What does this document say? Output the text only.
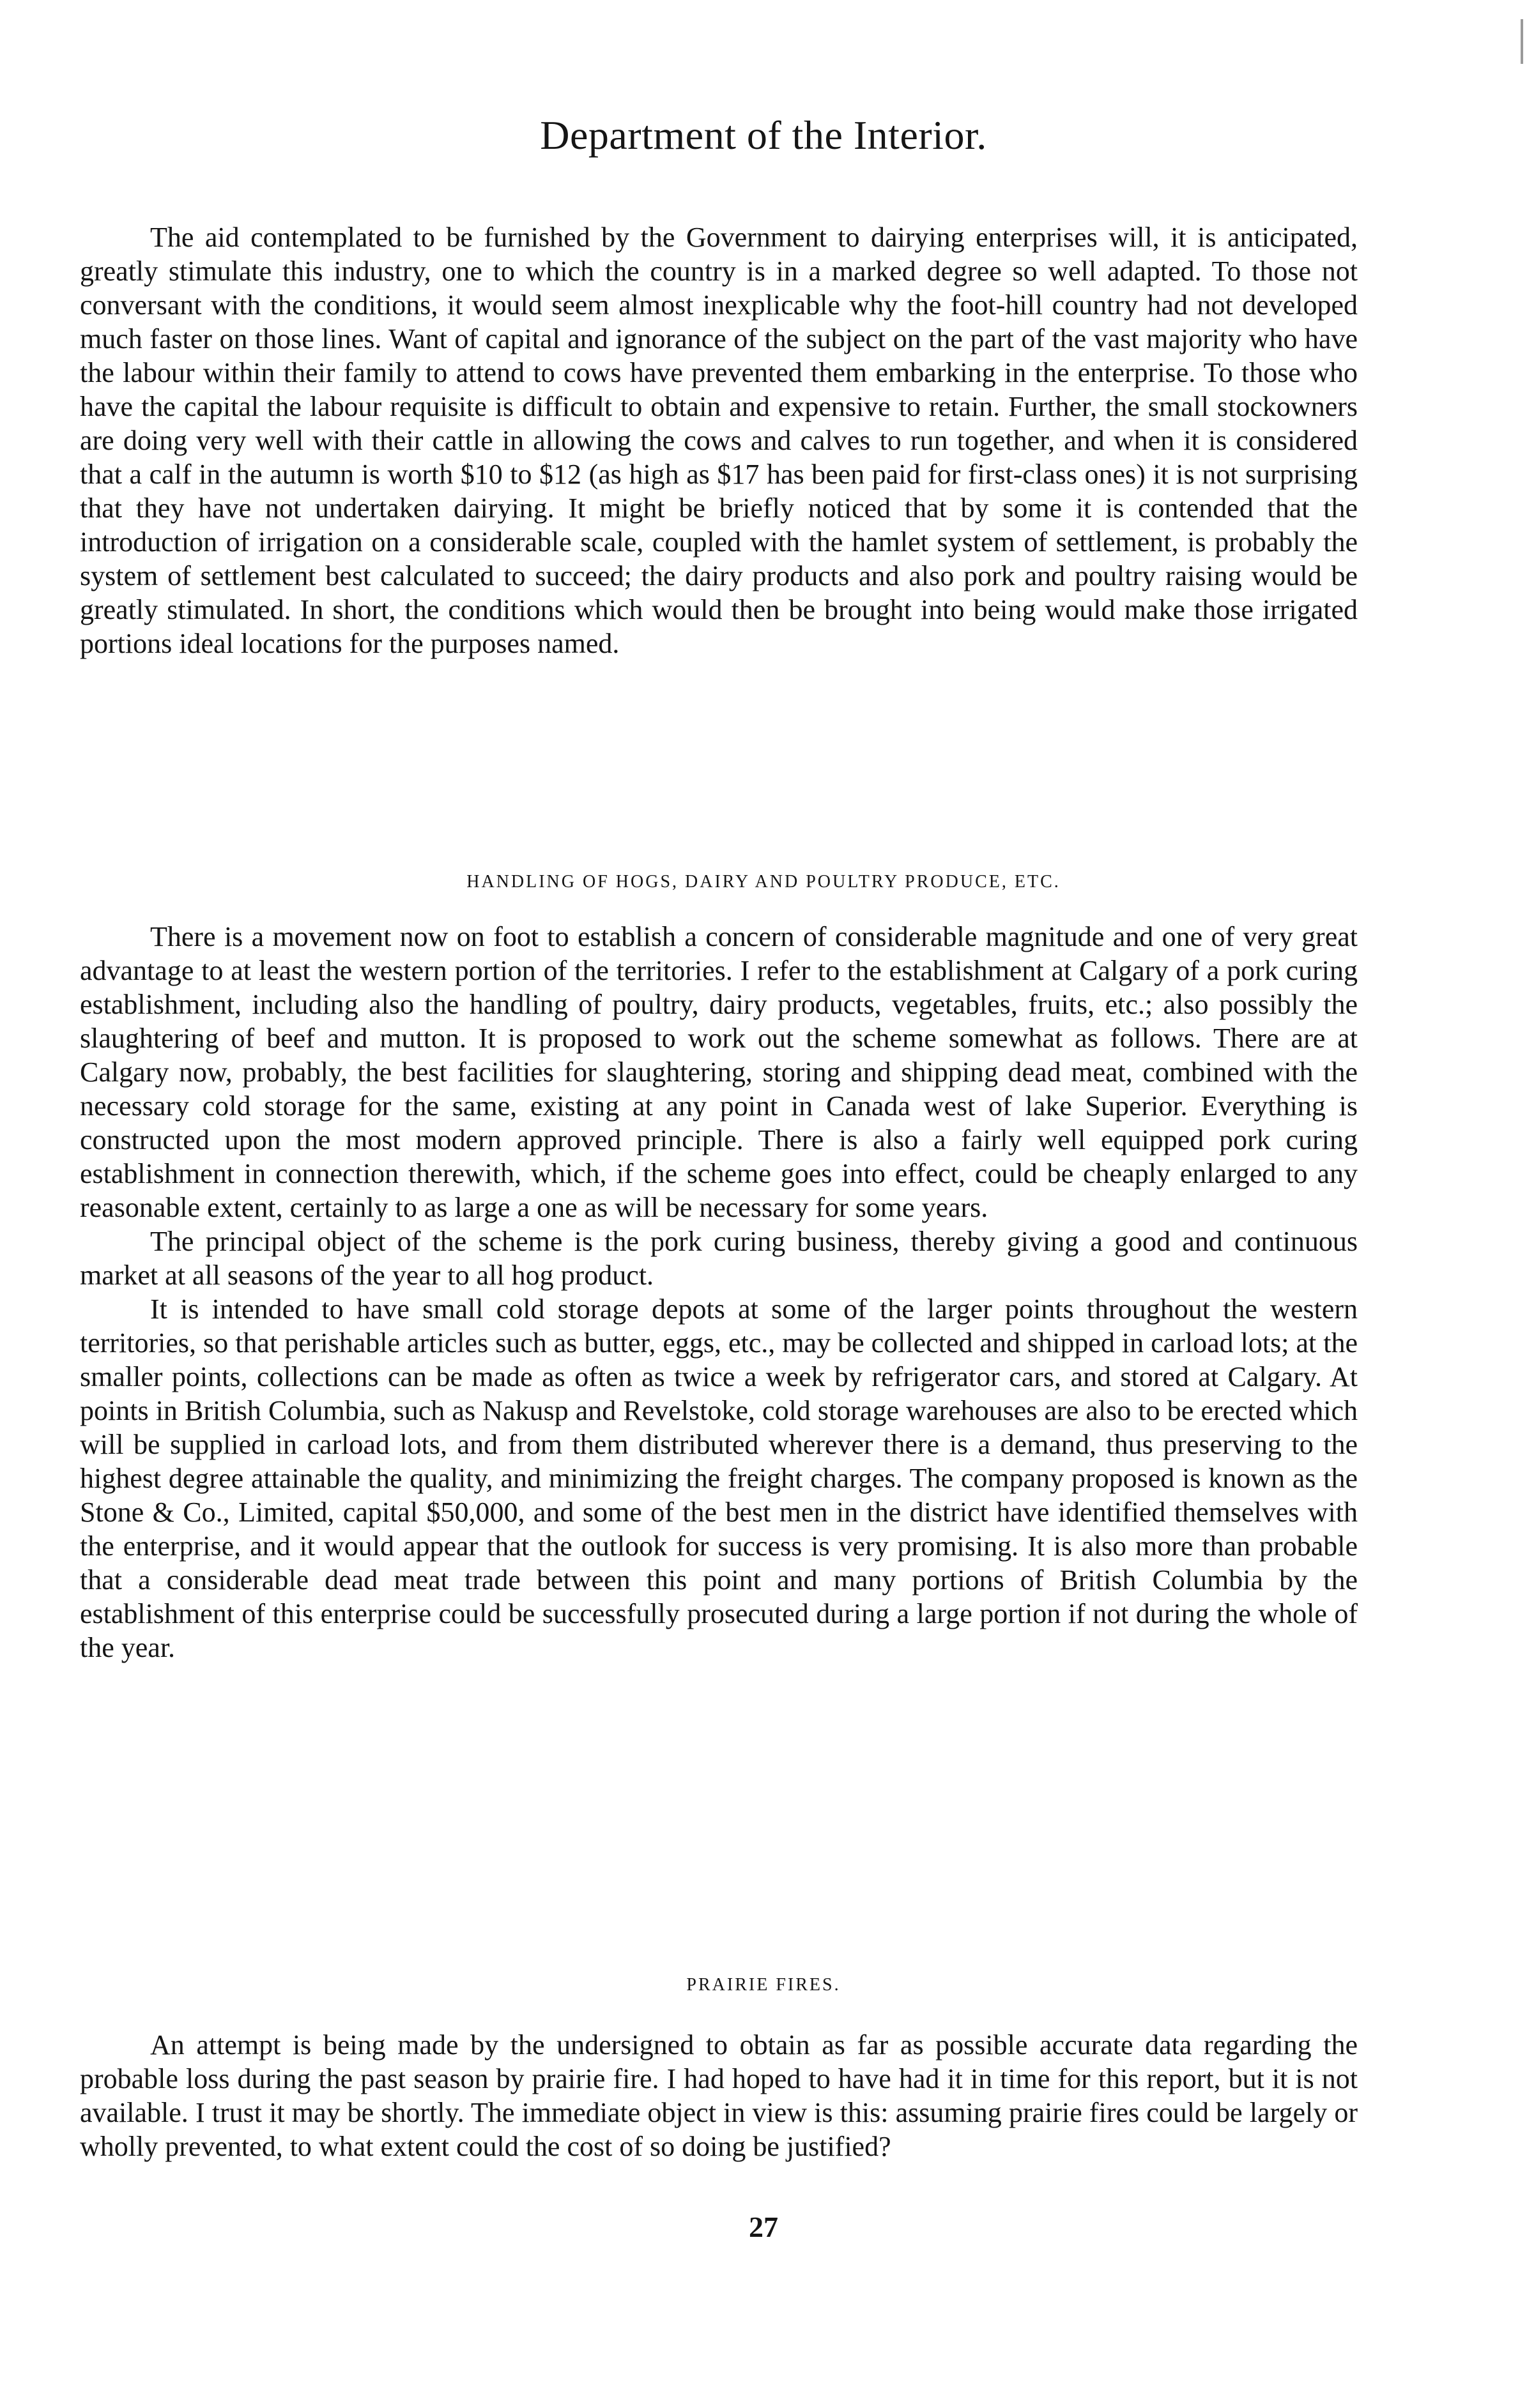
Department of the Interior.

The aid contemplated to be furnished by the Government to dairying enterprises will, it is anticipated, greatly stimulate this industry, one to which the country is in a marked degree so well adapted. To those not conversant with the conditions, it would seem almost inexplicable why the foot-hill country had not developed much faster on those lines. Want of capital and ignorance of the subject on the part of the vast majority who have the labour within their family to attend to cows have prevented them embarking in the enterprise. To those who have the capital the labour requisite is difficult to obtain and expensive to retain. Further, the small stockowners are doing very well with their cattle in allowing the cows and calves to run together, and when it is considered that a calf in the autumn is worth $10 to $12 (as high as $17 has been paid for first-class ones) it is not surprising that they have not undertaken dairying. It might be briefly noticed that by some it is contended that the introduction of irrigation on a considerable scale, coupled with the hamlet system of settlement, is probably the system of settlement best calculated to succeed; the dairy products and also pork and poultry raising would be greatly stimulated. In short, the conditions which would then be brought into being would make those irrigated portions ideal locations for the purposes named.

HANDLING OF HOGS, DAIRY AND POULTRY PRODUCE, ETC.

There is a movement now on foot to establish a concern of considerable magnitude and one of very great advantage to at least the western portion of the territories. I refer to the establishment at Calgary of a pork curing establishment, including also the handling of poultry, dairy products, vegetables, fruits, etc.; also possibly the slaughtering of beef and mutton. It is proposed to work out the scheme somewhat as follows. There are at Calgary now, probably, the best facilities for slaughtering, storing and shipping dead meat, combined with the necessary cold storage for the same, existing at any point in Canada west of lake Superior. Everything is constructed upon the most modern approved principle. There is also a fairly well equipped pork curing establishment in connection therewith, which, if the scheme goes into effect, could be cheaply enlarged to any reasonable extent, certainly to as large a one as will be necessary for some years.

The principal object of the scheme is the pork curing business, thereby giving a good and continuous market at all seasons of the year to all hog product.

It is intended to have small cold storage depots at some of the larger points throughout the western territories, so that perishable articles such as butter, eggs, etc., may be collected and shipped in carload lots; at the smaller points, collections can be made as often as twice a week by refrigerator cars, and stored at Calgary. At points in British Columbia, such as Nakusp and Revelstoke, cold storage warehouses are also to be erected which will be supplied in carload lots, and from them distributed wherever there is a demand, thus preserving to the highest degree attainable the quality, and minimizing the freight charges. The company proposed is known as the Stone & Co., Limited, capital $50,000, and some of the best men in the district have identified themselves with the enterprise, and it would appear that the outlook for success is very promising. It is also more than probable that a considerable dead meat trade between this point and many portions of British Columbia by the establishment of this enterprise could be successfully prosecuted during a large portion if not during the whole of the year.

PRAIRIE FIRES.

An attempt is being made by the undersigned to obtain as far as possible accurate data regarding the probable loss during the past season by prairie fire. I had hoped to have had it in time for this report, but it is not available. I trust it may be shortly. The immediate object in view is this: assuming prairie fires could be largely or wholly prevented, to what extent could the cost of so doing be justified?

27
